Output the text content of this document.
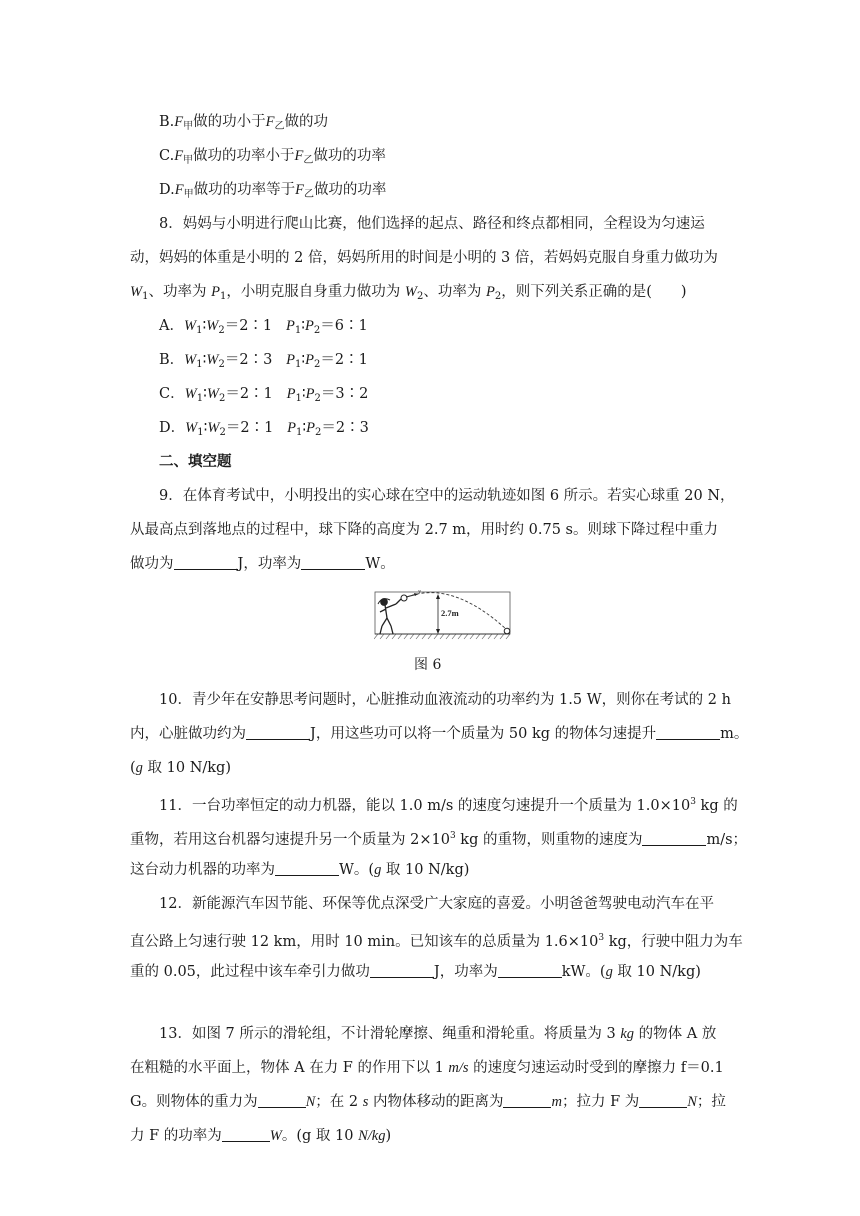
$B.F_甲$做的功小于$F_乙$做的功
$C.F_甲$做功的功率小于$F_乙$做功的功率
$D.F_甲$做功的功率等于$F_乙$做功的功率
8．妈妈与小明进行爬山比赛，他们选择的起点、路径和终点都相同，全程设为匀速运
动，妈妈的体重是小明的 2 倍，妈妈所用的时间是小明的 3 倍，若妈妈克服自身重力做功为
$W_1$、功率为 $P_1$，小明克服自身重力做功为 $W_2$、功率为 $P_2$，则下列关系正确的是(　　)
A．$W_1∶W_2=2∶1$ $P_1∶P_2=6∶1$
B．$W_1∶W_2=2∶3$ $P_1∶P_2=2∶1$
C．$W_1∶W_2=2∶1$ $P_1∶P_2=3∶2$
D．$W_1∶W_2=2∶1$ $P_1∶P_2=2∶3$
二、填空题
9．在体育考试中，小明投出的实心球在空中的运动轨迹如图 6 所示。若实心球重 20 N，
从最高点到落地点的过程中，球下降的高度为 2.7 m，用时约 0.75 s。则球下降过程中重力
做功为	J，功率为	W。
v
2.7m
图 6
10．青少年在安静思考问题时，心脏推动血液流动的功率约为 1.5 W，则你在考试的 2 h
内，心脏做功约为	J，用这些功可以将一个质量为 50 kg 的物体匀速提升	m。
(g 取 10 N/kg)
11．一台功率恒定的动力机器，能以 1.0 m/s 的速度匀速提升一个质量为 $1.0\times 10^3$ kg 的
重物，若用这台机器匀速提升另一个质量为 $2\times 10^3$ kg 的重物，则重物的速度为	m/s；
这台动力机器的功率为	W。(g 取 10 N/kg)
12．新能源汽车因节能、环保等优点深受广大家庭的喜爱。小明爸爸驾驶电动汽车在平
直公路上匀速行驶 12 km，用时 10 min。已知该车的总质量为 $1.6\times 10^3$ kg，行驶中阻力为车
重的 0.05，此过程中该车牵引力做功	J，功率为	kW。(g 取 10 N/kg)
13．如图 7 所示的滑轮组，不计滑轮摩擦、绳重和滑轮重。将质量为 3 kg 的物体 A 放
在粗糙的水平面上，物体 A 在力 F 的作用下以 1 m/s 的速度匀速运动时受到的摩擦力 f＝0.1
G。则物体的重力为	N；在 2 s 内物体移动的距离为	m；拉力 F 为	N；拉
力 F 的功率为	W。(g 取 10 N/kg)
